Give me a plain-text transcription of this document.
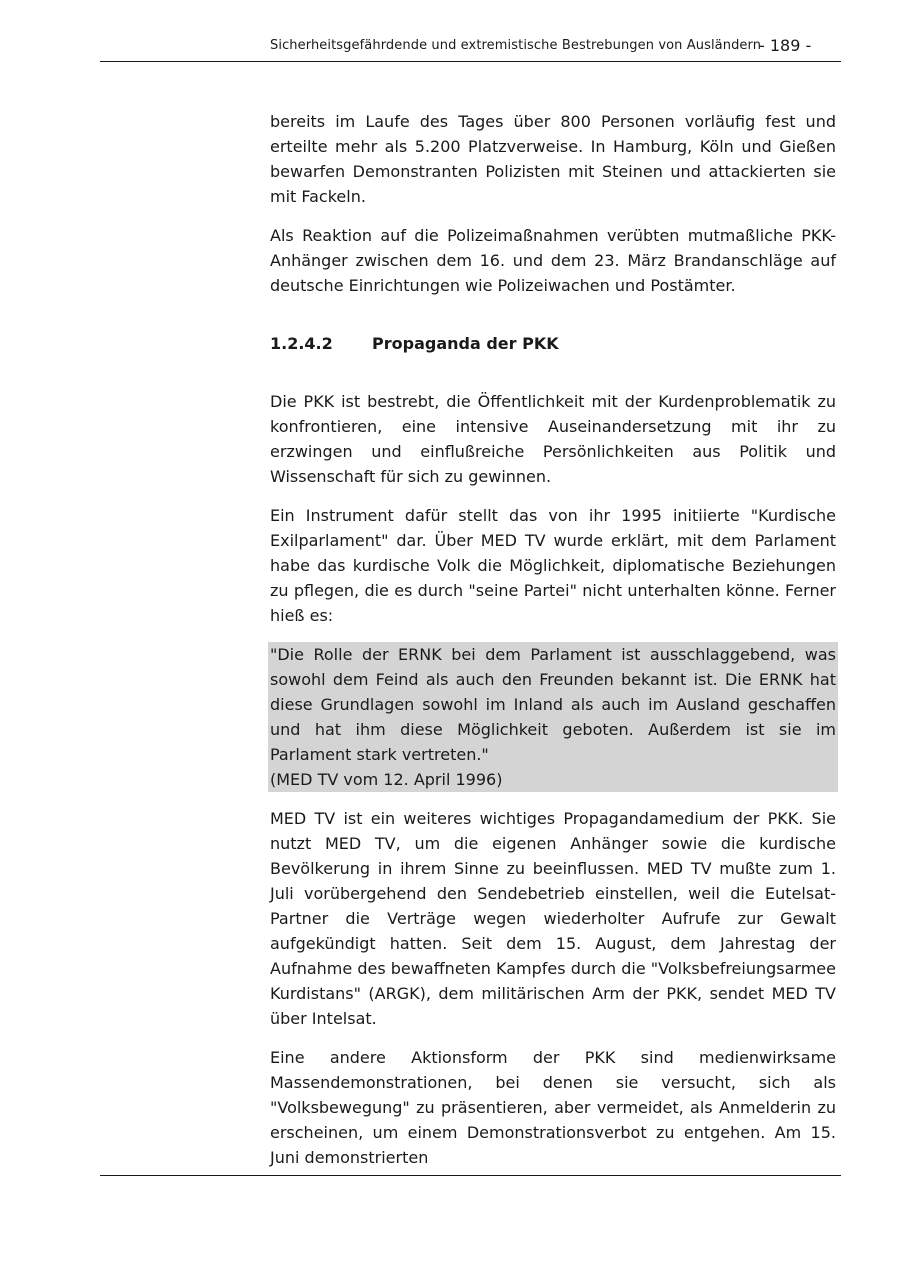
Sicherheitsgefährdende und extremistische Bestrebungen von Ausländern
- 189 -

bereits im Laufe des Tages über 800 Personen vorläufig fest und erteilte mehr als 5.200 Platzverweise. In Hamburg, Köln und Gießen bewarfen Demonstranten Polizisten mit Steinen und attackierten sie mit Fackeln.

Als Reaktion auf die Polizeimaßnahmen verübten mutmaßliche PKK-Anhänger zwischen dem 16. und dem 23. März Brandanschläge auf deutsche Einrichtungen wie Polizeiwachen und Postämter.

1.2.4.2 Propaganda der PKK

Die PKK ist bestrebt, die Öffentlichkeit mit der Kurdenproblematik zu konfrontieren, eine intensive Auseinandersetzung mit ihr zu erzwingen und einflußreiche Persönlichkeiten aus Politik und Wissenschaft für sich zu gewinnen.

Ein Instrument dafür stellt das von ihr 1995 initiierte "Kurdische Exilparlament" dar. Über MED TV wurde erklärt, mit dem Parlament habe das kurdische Volk die Möglichkeit, diplomatische Beziehungen zu pflegen, die es durch "seine Partei" nicht unterhalten könne. Ferner hieß es:

"Die Rolle der ERNK bei dem Parlament ist ausschlaggebend, was sowohl dem Feind als auch den Freunden bekannt ist. Die ERNK hat diese Grundlagen sowohl im Inland als auch im Ausland geschaffen und hat ihm diese Möglichkeit geboten. Außerdem ist sie im Parlament stark vertreten."

(MED TV vom 12. April 1996)

MED TV ist ein weiteres wichtiges Propagandamedium der PKK. Sie nutzt MED TV, um die eigenen Anhänger sowie die kurdische Bevölkerung in ihrem Sinne zu beeinflussen. MED TV mußte zum 1. Juli vorübergehend den Sendebetrieb einstellen, weil die Eutelsat-Partner die Verträge wegen wiederholter Aufrufe zur Gewalt aufgekündigt hatten. Seit dem 15. August, dem Jahrestag der Aufnahme des bewaffneten Kampfes durch die "Volksbefreiungsarmee Kurdistans" (ARGK), dem militärischen Arm der PKK, sendet MED TV über Intelsat.

Eine andere Aktionsform der PKK sind medienwirksame Massendemonstrationen, bei denen sie versucht, sich als "Volksbewegung" zu präsentieren, aber vermeidet, als Anmelderin zu erscheinen, um einem Demonstrationsverbot zu entgehen. Am 15. Juni demonstrierten
